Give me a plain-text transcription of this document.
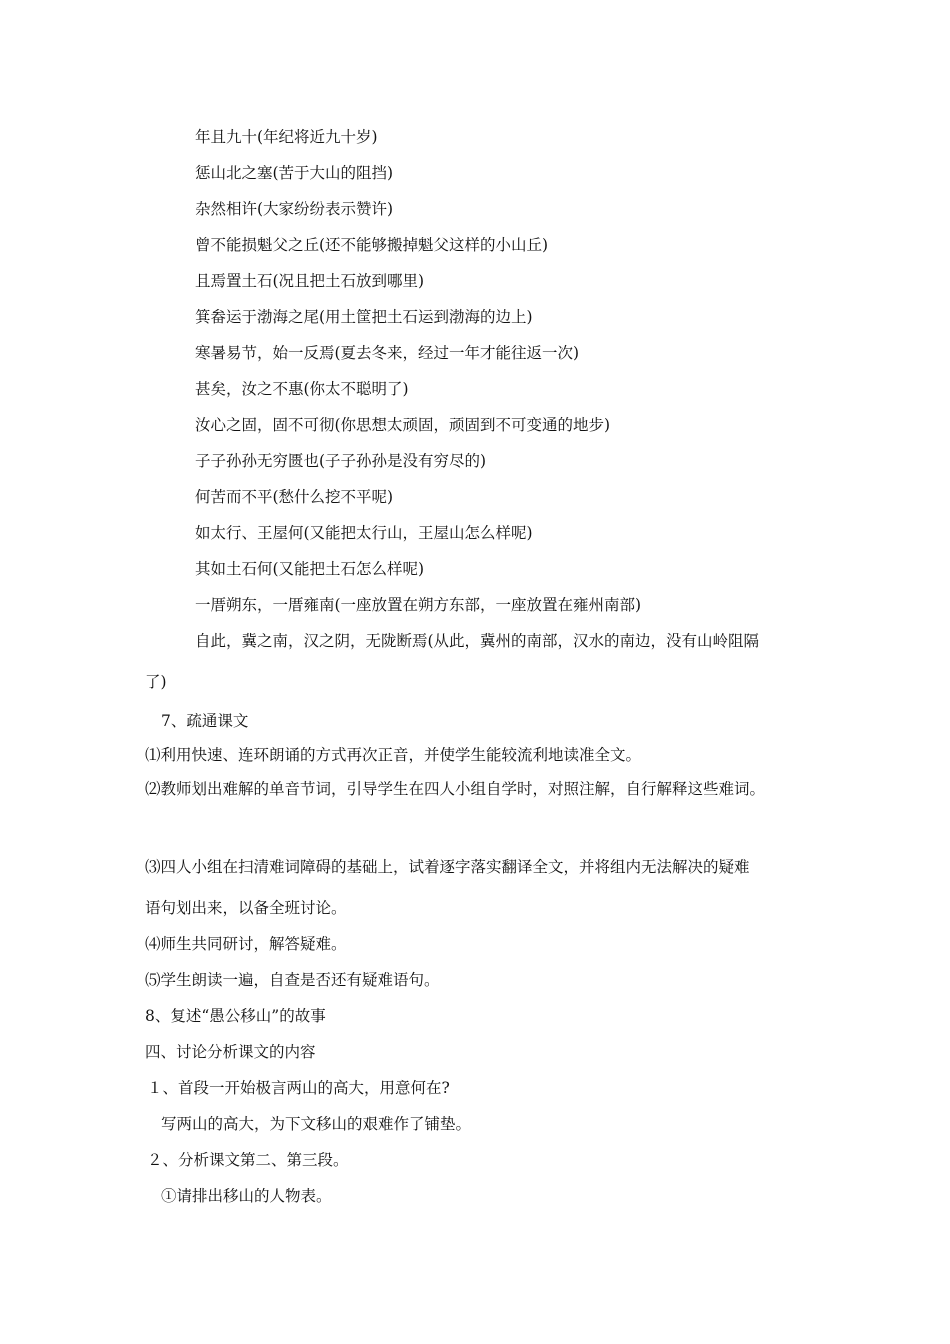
年且九十(年纪将近九十岁)

惩山北之塞(苦于大山的阻挡)

杂然相许(大家纷纷表示赞许)

曾不能损魁父之丘(还不能够搬掉魁父这样的小山丘)

且焉置土石(况且把土石放到哪里)

箕畚运于渤海之尾(用土筐把土石运到渤海的边上)

寒暑易节，始一反焉(夏去冬来，经过一年才能往返一次)

甚矣，汝之不惠(你太不聪明了)

汝心之固，固不可彻(你思想太顽固，顽固到不可变通的地步)

子子孙孙无穷匮也(子子孙孙是没有穷尽的)

何苦而不平(愁什么挖不平呢)

如太行、王屋何(又能把太行山，王屋山怎么样呢)

其如土石何(又能把土石怎么样呢)

一厝朔东，一厝雍南(一座放置在朔方东部，一座放置在雍州南部)

自此，冀之南，汉之阴，无陇断焉(从此，冀州的南部，汉水的南边，没有山岭阻隔

了)

7、疏通课文

⑴利用快速、连环朗诵的方式再次正音，并使学生能较流利地读准全文。

⑵教师划出难解的单音节词，引导学生在四人小组自学时，对照注解，自行解释这些难词。

⑶四人小组在扫清难词障碍的基础上，试着逐字落实翻译全文，并将组内无法解决的疑难

语句划出来，以备全班讨论。

⑷师生共同研讨，解答疑难。

⑸学生朗读一遍，自查是否还有疑难语句。

8、复述“愚公移山”的故事

四、讨论分析课文的内容

１、首段一开始极言两山的高大，用意何在?

写两山的高大，为下文移山的艰难作了铺垫。

２、分析课文第二、第三段。

①请排出移山的人物表。
